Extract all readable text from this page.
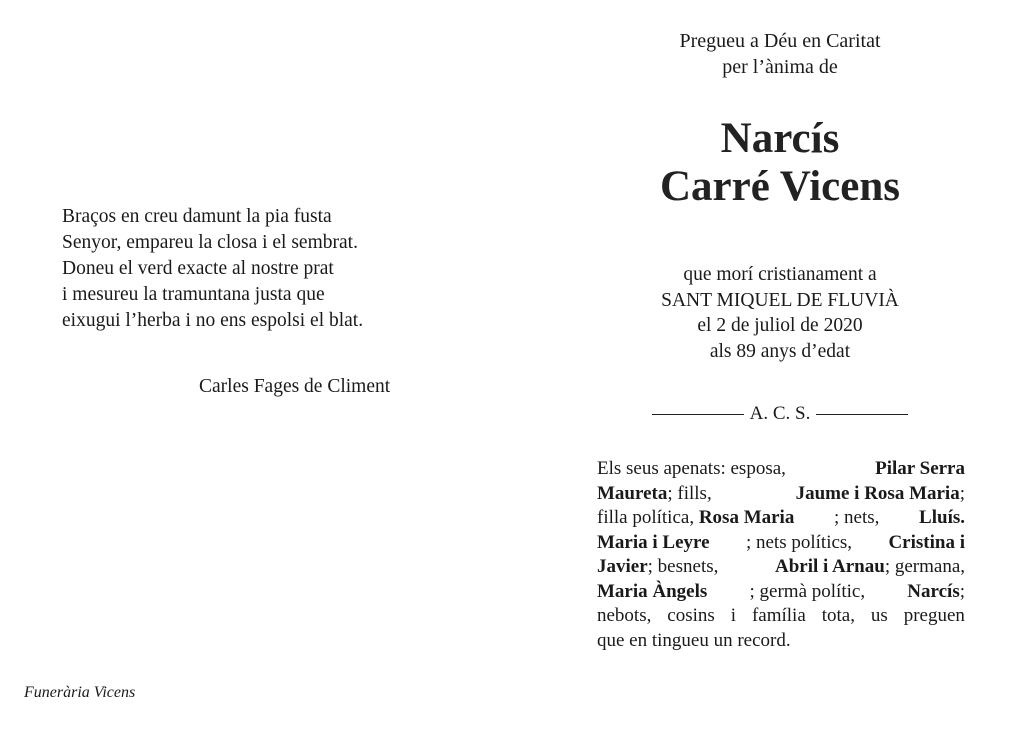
Braços en creu damunt la pia fusta
Senyor, empareu la closa i el sembrat.
Doneu el verd exacte al nostre prat
i mesureu la tramuntana justa que
eixugui l’herba i no ens espolsi el blat.
Carles Fages de Climent
Funerària Vicens
Pregueu a Déu en Caritat
per l’ànima de
Narcís
Carré Vicens
que morí cristianament a
SANT MIQUEL DE FLUVIÀ
el 2 de juliol de 2020
als 89 anys d’edat
A. C. S.
Els seus apenats: esposa,	Pilar Serra
Maureta; fills,	Jaume i Rosa Maria;
filla política, Rosa Maria ; nets, Lluís.
Maria i Leyre ; nets polítics, Cristina i
Javier; besnets,	Abril i Arnau; germana,
Maria Àngels ; germà polític, Narcís;
nebots, cosins i família tota, us preguen
que en tingueu un record.
